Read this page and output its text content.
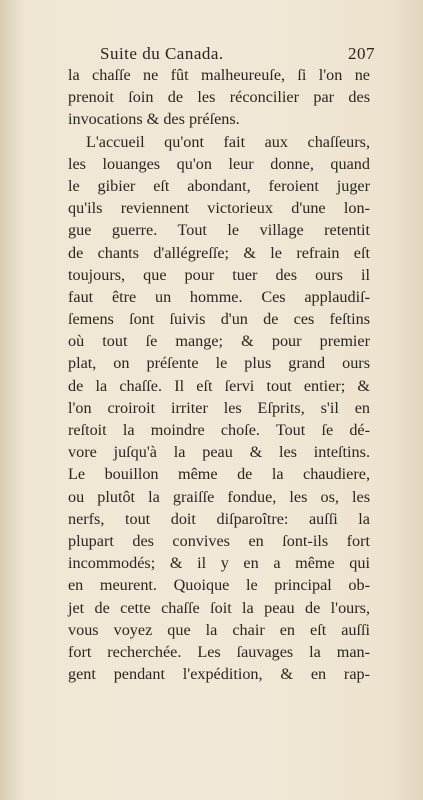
Suite du Canada.	207
la chaſſe ne fût malheureuſe, ſi l'on ne
prenoit ſoin de les réconcilier par des
invocations & des préſens.
L'accueil qu'ont fait aux chaſſeurs,
les louanges qu'on leur donne, quand
le gibier eſt abondant, feroient juger
qu'ils reviennent victorieux d'une lon-
gue guerre. Tout le village retentit
de chants d'allégreſſe; & le refrain eſt
toujours, que pour tuer des ours il
faut être un homme. Ces applaudiſ-
ſemens ſont ſuivis d'un de ces feſtins
où tout ſe mange; & pour premier
plat, on préſente le plus grand ours
de la chaſſe. Il eſt ſervi tout entier; &
l'on croiroit irriter les Eſprits, s'il en
reſtoit la moindre choſe. Tout ſe dé-
vore juſqu'à la peau & les inteſtins.
Le bouillon même de la chaudiere,
ou plutôt la graiſſe fondue, les os, les
nerfs, tout doit diſparoître: auſſi la
plupart des convives en ſont-ils fort
incommodés; & il y en a même qui
en meurent. Quoique le principal ob-
jet de cette chaſſe ſoit la peau de l'ours,
vous voyez que la chair en eſt auſſi
fort recherchée. Les ſauvages la man-
gent pendant l'expédition, & en rap-
